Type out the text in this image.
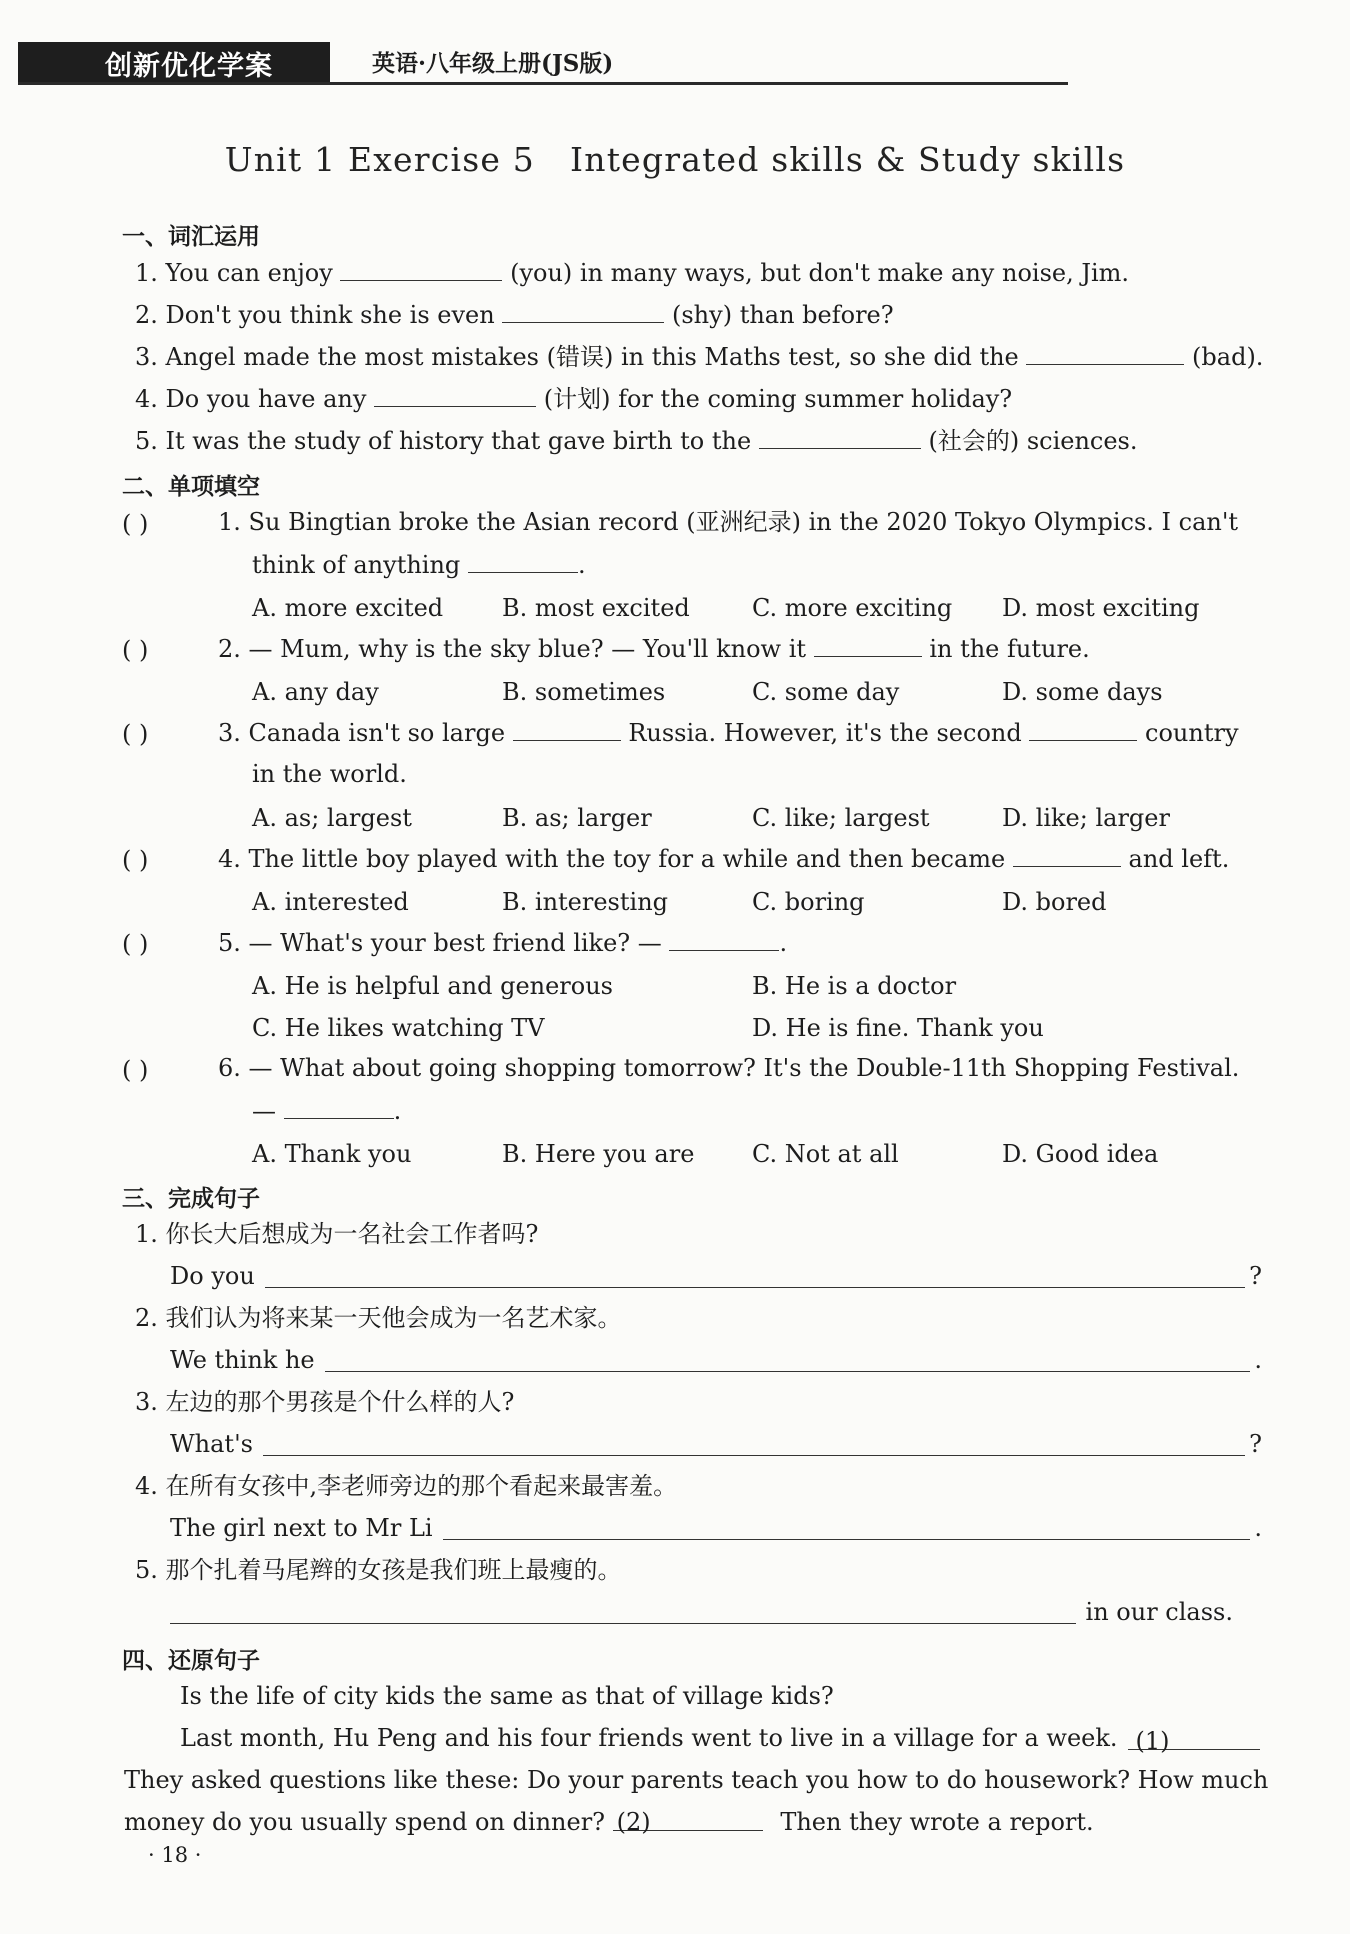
创新优化学案	英语·八年级上册(JS版)
Unit 1 Exercise 5   Integrated skills & Study skills
一、词汇运用
1. You can enjoy	(you) in many ways, but don't make any noise, Jim.
2. Don't you think she is even	(shy) than before?
3. Angel made the most mistakes (错误) in this Maths test, so she did the	(bad).
4. Do you have any	(计划) for the coming summer holiday?
5. It was the study of history that gave birth to the	(社会的) sciences.
二、单项填空
( )	1. Su Bingtian broke the Asian record (亚洲纪录) in the 2020 Tokyo Olympics. I can't
think of anything	.
A. more excited B. most excited	C. more exciting D. most exciting
( )	2. — Mum, why is the sky blue? — You'll know it	in the future.
A. any day	B. sometimes	C. some day	D. some days
( )	3. Canada isn't so large	Russia. However, it's the second	country
in the world.
A. as; largest	B. as; larger	C. like; largest	D. like; larger
( )	4. The little boy played with the toy for a while and then became	and left.
A. interested	B. interesting	C. boring	D. bored
( )	5. — What's your best friend like? —	.
A. He is helpful and generous	B. He is a doctor
C. He likes watching TV	D. He is fine. Thank you
( )	6. — What about going shopping tomorrow? It's the Double-11th Shopping Festival.
—	.
A. Thank you	B. Here you are C. Not at all	D. Good idea
三、完成句子
1. 你长大后想成为一名社会工作者吗?
Do you	?
2. 我们认为将来某一天他会成为一名艺术家。
We think he	.
3. 左边的那个男孩是个什么样的人?
What's	?
4. 在所有女孩中,李老师旁边的那个看起来最害羞。
The girl next to Mr Li	.
5. 那个扎着马尾辫的女孩是我们班上最瘦的。
in our class.
四、还原句子
Is the life of city kids the same as that of village kids?
Last month, Hu Peng and his four friends went to live in a village for a week. (1)
They asked questions like these: Do your parents teach you how to do housework? How much
money do you usually spend on dinner? (2)	Then they wrote a report.
· 18 ·
